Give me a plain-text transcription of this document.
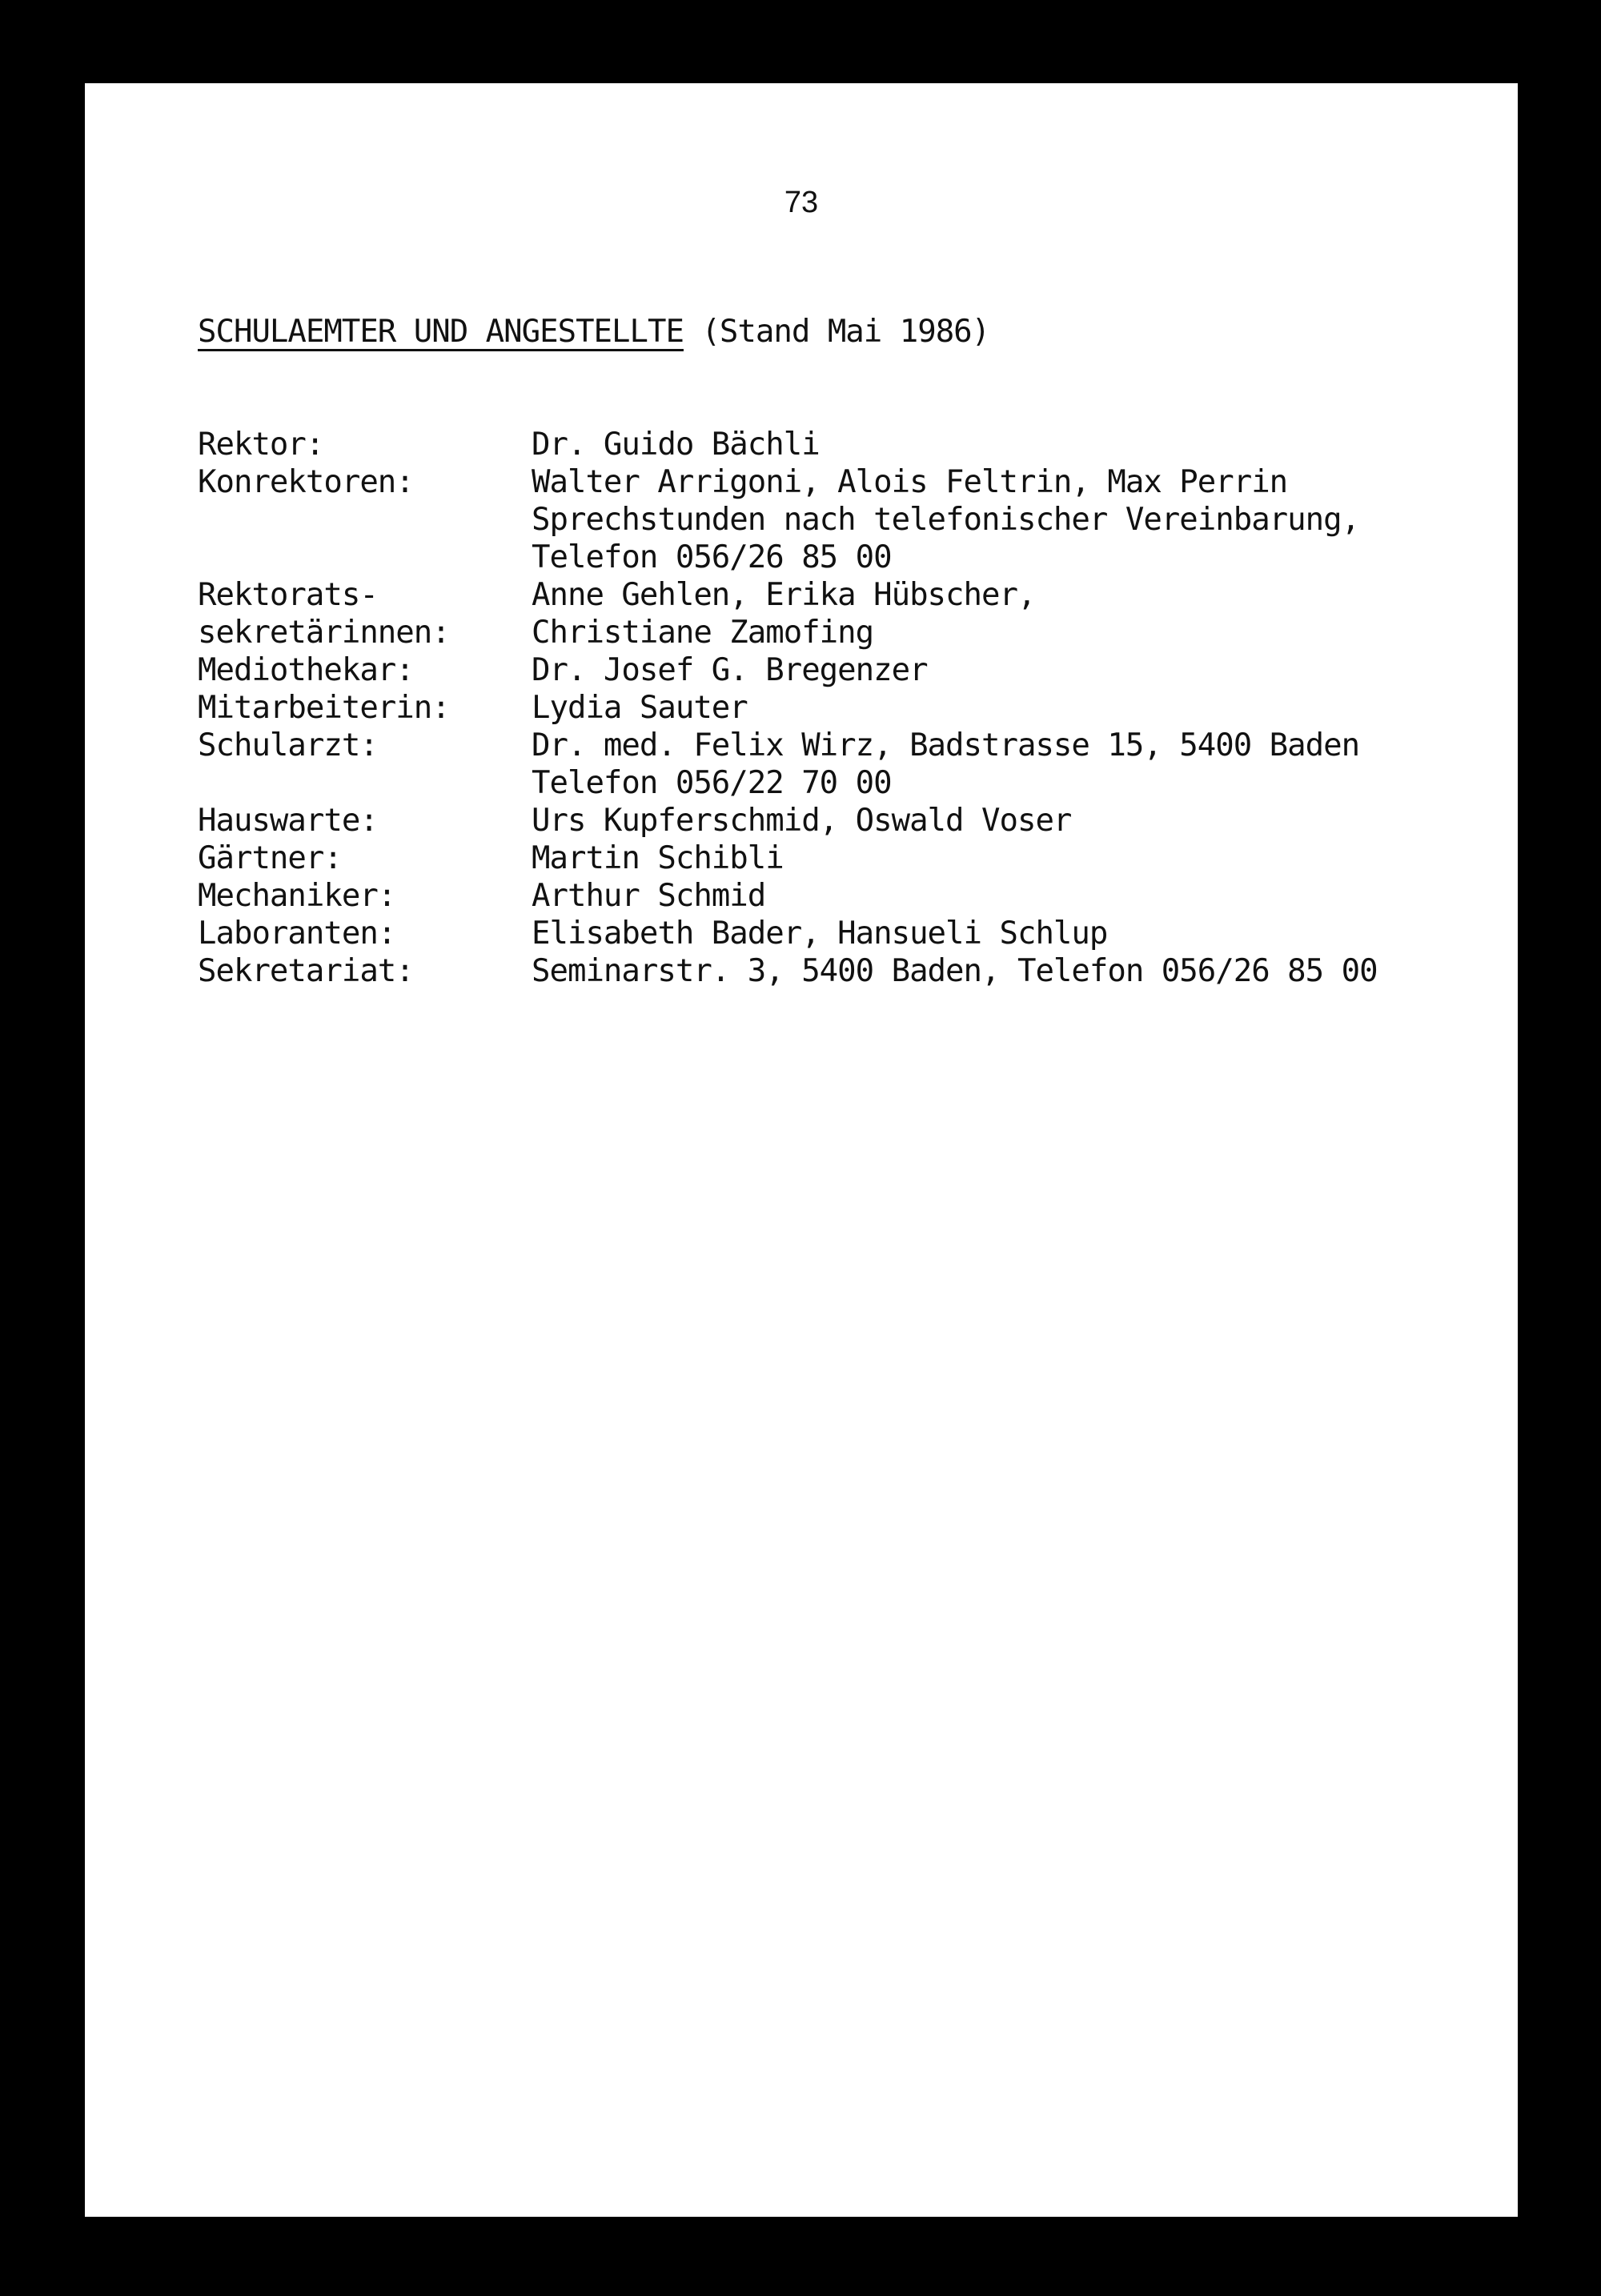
73
SCHULAEMTER UND ANGESTELLTE (Stand Mai 1986)
Rektor:	Dr. Guido Bächli
Konrektoren:	Walter Arrigoni, Alois Feltrin, Max Perrin
Sprechstunden nach telefonischer Vereinbarung,
Telefon 056/26 85 00
Rektorats-
sekretärinnen:
Anne Gehlen, Erika Hübscher,
Christiane Zamofing
Mediothekar:	Dr. Josef G. Bregenzer
Mitarbeiterin:	Lydia Sauter
Schularzt:	Dr. med. Felix Wirz, Badstrasse 15, 5400 Baden
Telefon 056/22 70 00
Hauswarte:	Urs Kupferschmid, Oswald Voser
Gärtner:	Martin Schibli
Mechaniker:	Arthur Schmid
Laboranten:	Elisabeth Bader, Hansueli Schlup
Sekretariat:	Seminarstr. 3, 5400 Baden, Telefon 056/26 85 00
